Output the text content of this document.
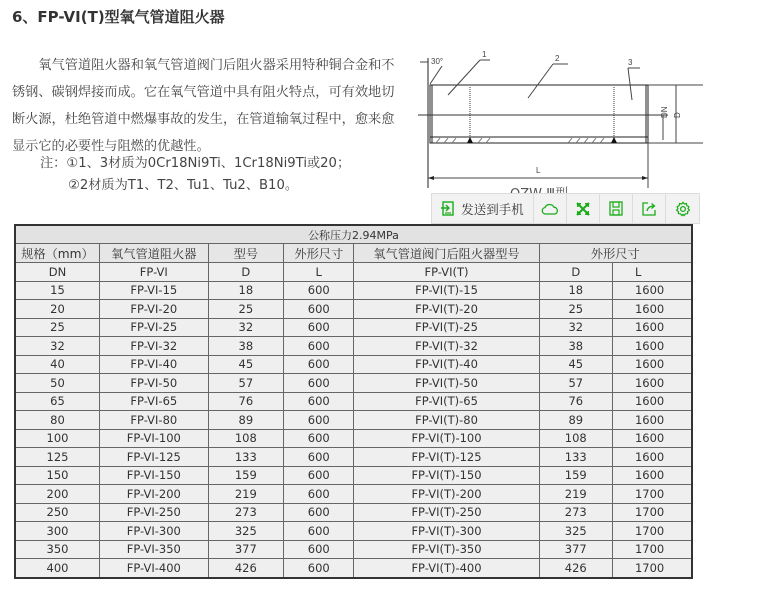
6、FP-VI(T)型氧气管道阻火器

氧气管道阻火器和氧气管道阀门后阻火器采用特种铜合金和不锈钢、碳钢焊接而成。它在氧气管道中具有阻火特点，可有效地切断火源，杜绝管道中燃爆事故的发生，在管道输氧过程中，愈来愈显示它的必要性与阻燃的优越性。

注：①1、3材质为0Cr18Ni9Ti、1Cr18Ni9Ti或20；
②2材质为T1、T2、Tu1、Tu2、B10。
30°
1	2	3
DN D
L
发送到手机
公称压力2.94MPa						
规格（mm）	氧气管道阻火器	型号	外形尺寸	氧气管道阀门后阻火器型号	外形尺寸	
DN	FP-VI	D	L	FP-VI(T)	D	L
15	FP-VI-15	18	600	FP-VI(T)-15	18	1600
20	FP-VI-20	25	600	FP-VI(T)-20	25	1600
25	FP-VI-25	32	600	FP-VI(T)-25	32	1600
32	FP-VI-32	38	600	FP-VI(T)-32	38	1600
40	FP-VI-40	45	600	FP-VI(T)-40	45	1600
50	FP-VI-50	57	600	FP-VI(T)-50	57	1600
65	FP-VI-65	76	600	FP-VI(T)-65	76	1600
80	FP-VI-80	89	600	FP-VI(T)-80	89	1600
100	FP-VI-100	108	600	FP-VI(T)-100	108	1600
125	FP-VI-125	133	600	FP-VI(T)-125	133	1600
150	FP-VI-150	159	600	FP-VI(T)-150	159	1600
200	FP-VI-200	219	600	FP-VI(T)-200	219	1700
250	FP-VI-250	273	600	FP-VI(T)-250	273	1700
300	FP-VI-300	325	600	FP-VI(T)-300	325	1700
350	FP-VI-350	377	600	FP-VI(T)-350	377	1700
400	FP-VI-400	426	600	FP-VI(T)-400	426	1700
